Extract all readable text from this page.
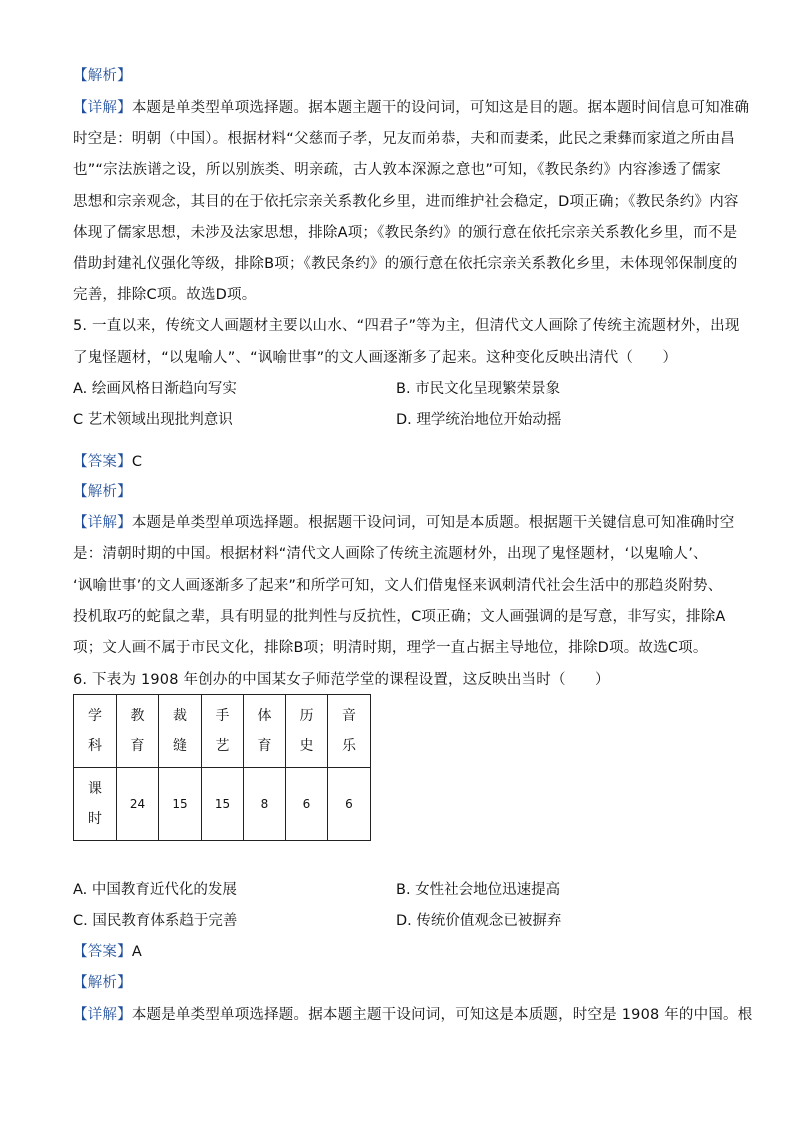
【解析】
【详解】本题是单类型单项选择题。据本题主题干的设问词，可知这是目的题。据本题时间信息可知准确
时空是：明朝（中国）。根据材料“父慈而子孝，兄友而弟恭，夫和而妻柔，此民之秉彝而家道之所由昌
也”“宗法族谱之设，所以别族类、明亲疏，古人敦本深源之意也”可知，《教民条约》内容渗透了儒家
思想和宗亲观念，其目的在于依托宗亲关系教化乡里，进而维护社会稳定，D项正确；《教民条约》内容
体现了儒家思想，未涉及法家思想，排除A项；《教民条约》的颁行意在依托宗亲关系教化乡里，而不是
借助封建礼仪强化等级，排除B项；《教民条约》的颁行意在依托宗亲关系教化乡里，未体现邻保制度的
完善，排除C项。故选D项。
5. 一直以来，传统文人画题材主要以山水、“四君子”等为主，但清代文人画除了传统主流题材外，出现
了鬼怪题材，“以鬼喻人”、“讽喻世事”的文人画逐渐多了起来。这种变化反映出清代（　　）
A. 绘画风格日渐趋向写实	B. 市民文化呈现繁荣景象
C 艺术领域出现批判意识	D. 理学统治地位开始动摇
【答案】C
【解析】
【详解】本题是单类型单项选择题。根据题干设问词，可知是本质题。根据题干关键信息可知准确时空
是：清朝时期的中国。根据材料“清代文人画除了传统主流题材外，出现了鬼怪题材，‘以鬼喻人’、
‘讽喻世事’的文人画逐渐多了起来”和所学可知，文人们借鬼怪来讽刺清代社会生活中的那趋炎附势、
投机取巧的蛇鼠之辈，具有明显的批判性与反抗性，C项正确；文人画强调的是写意，非写实，排除A
项；文人画不属于市民文化，排除B项；明清时期，理学一直占据主导地位，排除D项。故选C项。
6. 下表为 1908 年创办的中国某女子师范学堂的课程设置，这反映出当时（　　）
学科	教育	裁缝	手艺	体育	历史	音乐
课时	24	15	15	8	6	6
A. 中国教育近代化的发展	B. 女性社会地位迅速提高
C. 国民教育体系趋于完善	D. 传统价值观念已被摒弃
【答案】A
【解析】
【详解】本题是单类型单项选择题。据本题主题干设问词，可知这是本质题，时空是 1908 年的中国。根
